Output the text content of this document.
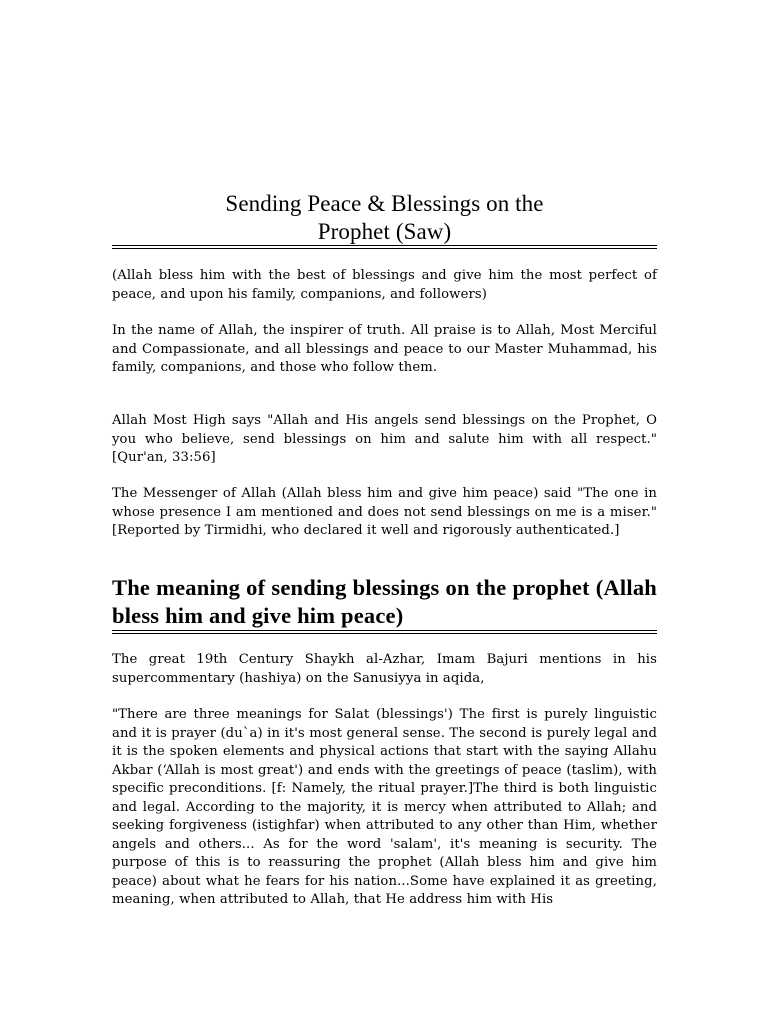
Sending Peace & Blessings on the
Prophet (Saw)

(Allah bless him with the best of blessings and give him the most perfect of peace, and upon his family, companions, and followers)

In the name of Allah, the inspirer of truth. All praise is to Allah, Most Merciful and Compassionate, and all blessings and peace to our Master Muhammad, his family, companions, and those who follow them.

Allah Most High says "Allah and His angels send blessings on the Prophet, O you who believe, send blessings on him and salute him with all respect." [Qur'an, 33:56]

The Messenger of Allah (Allah bless him and give him peace) said "The one in whose presence I am mentioned and does not send blessings on me is a miser." [Reported by Tirmidhi, who declared it well and rigorously authenticated.]

The meaning of sending blessings on the prophet (Allah bless him and give him peace)

The great 19th Century Shaykh al-Azhar, Imam Bajuri mentions in his supercommentary (hashiya) on the Sanusiyya in aqida,

"There are three meanings for Salat (blessings') The first is purely linguistic and it is prayer (du`a) in it's most general sense. The second is purely legal and it is the spoken elements and physical actions that start with the saying Allahu Akbar (‘Allah is most great') and ends with the greetings of peace (taslim), with specific preconditions. [f: Namely, the ritual prayer.]The third is both linguistic and legal. According to the majority, it is mercy when attributed to Allah; and seeking forgiveness (istighfar) when attributed to any other than Him, whether angels and others... As for the word 'salam', it's meaning is security. The purpose of this is to reassuring the prophet (Allah bless him and give him peace) about what he fears for his nation...Some have explained it as greeting, meaning, when attributed to Allah, that He address him with His
